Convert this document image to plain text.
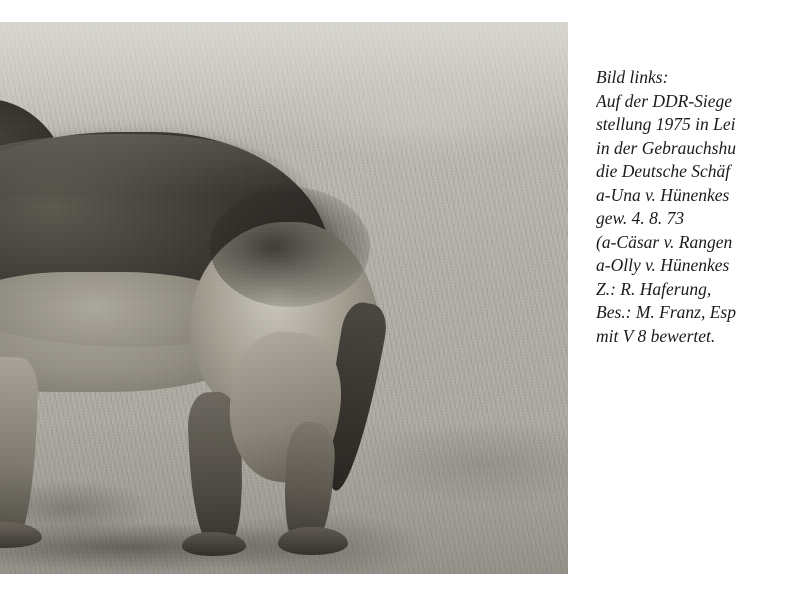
Bild links:
Auf der DDR-Siege
stellung 1975 in Lei
in der Gebrauchshu
die Deutsche Schäf
a-Una v. Hünenkes
gew. 4. 8. 73
(a-Cäsar v. Rangen
a-Olly v. Hünenkes
Z.: R. Haferung,
Bes.: M. Franz, Esp
mit V 8 bewertet.
